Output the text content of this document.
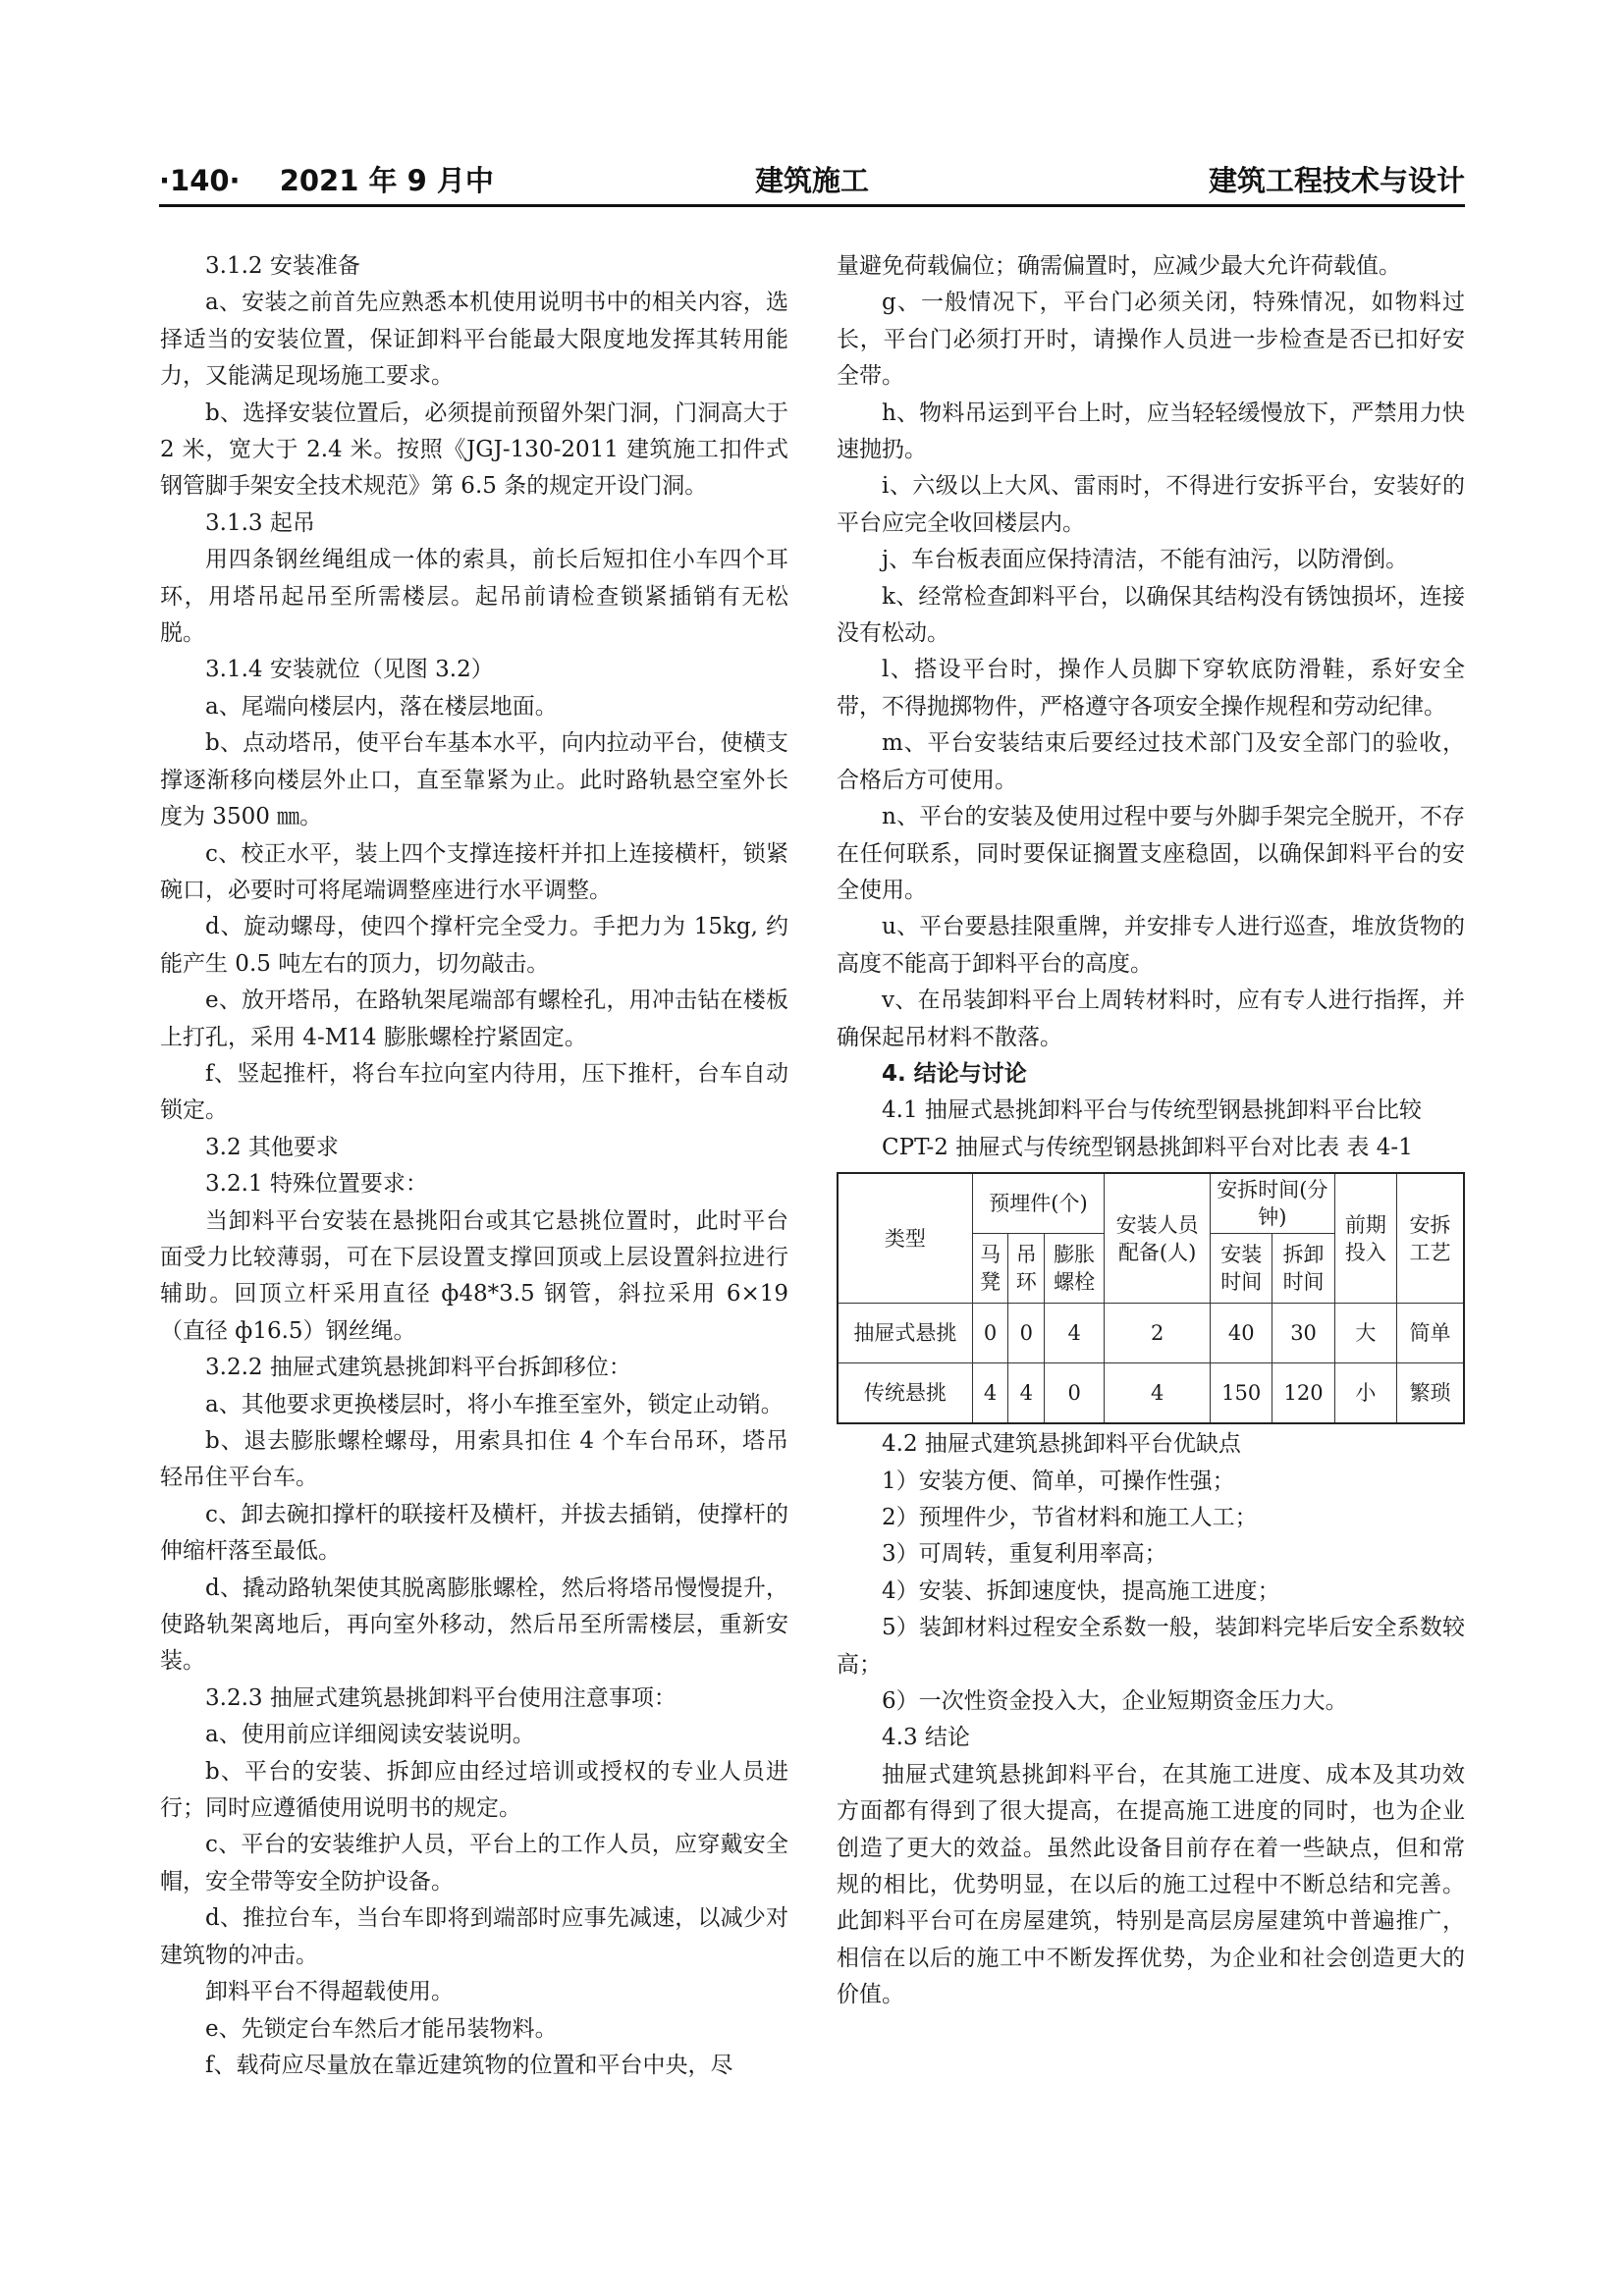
·140· 2021 年 9 月中	建筑施工	建筑工程技术与设计

3.1.2 安装准备

a、安装之前首先应熟悉本机使用说明书中的相关内容，选择适当的安装位置，保证卸料平台能最大限度地发挥其转用能力，又能满足现场施工要求。

b、选择安装位置后，必须提前预留外架门洞，门洞高大于 2 米，宽大于 2.4 米。按照《JGJ-130-2011 建筑施工扣件式钢管脚手架安全技术规范》第 6.5 条的规定开设门洞。

3.1.3 起吊

用四条钢丝绳组成一体的索具，前长后短扣住小车四个耳环，用塔吊起吊至所需楼层。起吊前请检查锁紧插销有无松脱。

3.1.4 安装就位（见图 3.2）

a、尾端向楼层内，落在楼层地面。

b、点动塔吊，使平台车基本水平，向内拉动平台，使横支撑逐渐移向楼层外止口，直至靠紧为止。此时路轨悬空室外长度为 3500 ㎜。

c、校正水平，装上四个支撑连接杆并扣上连接横杆，锁紧碗口，必要时可将尾端调整座进行水平调整。

d、旋动螺母，使四个撑杆完全受力。手把力为 15kg, 约能产生 0.5 吨左右的顶力，切勿敲击。

e、放开塔吊，在路轨架尾端部有螺栓孔，用冲击钻在楼板上打孔，采用 4-M14 膨胀螺栓拧紧固定。

f、竖起推杆，将台车拉向室内待用，压下推杆，台车自动锁定。

3.2 其他要求

3.2.1 特殊位置要求：

当卸料平台安装在悬挑阳台或其它悬挑位置时，此时平台面受力比较薄弱，可在下层设置支撑回顶或上层设置斜拉进行辅助。回顶立杆采用直径 ф48*3.5 钢管，斜拉采用 6×19（直径 ф16.5）钢丝绳。

3.2.2 抽屉式建筑悬挑卸料平台拆卸移位：

a、其他要求更换楼层时，将小车推至室外，锁定止动销。

b、退去膨胀螺栓螺母，用索具扣住 4 个车台吊环，塔吊轻吊住平台车。

c、卸去碗扣撑杆的联接杆及横杆，并拔去插销，使撑杆的伸缩杆落至最低。

d、撬动路轨架使其脱离膨胀螺栓，然后将塔吊慢慢提升，使路轨架离地后，再向室外移动，然后吊至所需楼层，重新安装。

3.2.3 抽屉式建筑悬挑卸料平台使用注意事项：

a、使用前应详细阅读安装说明。

b、平台的安装、拆卸应由经过培训或授权的专业人员进行；同时应遵循使用说明书的规定。

c、平台的安装维护人员，平台上的工作人员，应穿戴安全帽，安全带等安全防护设备。

d、推拉台车，当台车即将到端部时应事先减速，以减少对建筑物的冲击。

卸料平台不得超载使用。

e、先锁定台车然后才能吊装物料。

f、载荷应尽量放在靠近建筑物的位置和平台中央，尽

量避免荷载偏位；确需偏置时，应减少最大允许荷载值。

g、一般情况下，平台门必须关闭，特殊情况，如物料过长，平台门必须打开时，请操作人员进一步检查是否已扣好安全带。

h、物料吊运到平台上时，应当轻轻缓慢放下，严禁用力快速抛扔。

i、六级以上大风、雷雨时，不得进行安拆平台，安装好的平台应完全收回楼层内。

j、车台板表面应保持清洁，不能有油污，以防滑倒。

k、经常检查卸料平台，以确保其结构没有锈蚀损坏，连接没有松动。

l、搭设平台时，操作人员脚下穿软底防滑鞋，系好安全带，不得抛掷物件，严格遵守各项安全操作规程和劳动纪律。

m、平台安装结束后要经过技术部门及安全部门的验收，合格后方可使用。

n、平台的安装及使用过程中要与外脚手架完全脱开，不存在任何联系，同时要保证搁置支座稳固，以确保卸料平台的安全使用。

u、平台要悬挂限重牌，并安排专人进行巡查，堆放货物的高度不能高于卸料平台的高度。

v、在吊装卸料平台上周转材料时，应有专人进行指挥，并确保起吊材料不散落。

4. 结论与讨论

4.1 抽屉式悬挑卸料平台与传统型钢悬挑卸料平台比较

CPT-2 抽屉式与传统型钢悬挑卸料平台对比表 表 4-1

类型	预埋件(个)			安装人员配备(人)	安拆时间(分钟)		前期投入	安拆工艺
	马凳	吊环	膨胀螺栓		安装时间	拆卸时间		
抽屉式悬挑	0	0	4	2	40	30	大	简单
传统悬挑	4	4	0	4	150	120	小	繁琐

4.2 抽屉式建筑悬挑卸料平台优缺点

1）安装方便、简单，可操作性强；

2）预埋件少，节省材料和施工人工；

3）可周转，重复利用率高；

4）安装、拆卸速度快，提高施工进度；

5）装卸材料过程安全系数一般，装卸料完毕后安全系数较高；

6）一次性资金投入大，企业短期资金压力大。

4.3 结论

抽屉式建筑悬挑卸料平台，在其施工进度、成本及其功效方面都有得到了很大提高，在提高施工进度的同时，也为企业创造了更大的效益。虽然此设备目前存在着一些缺点，但和常规的相比，优势明显，在以后的施工过程中不断总结和完善。此卸料平台可在房屋建筑，特别是高层房屋建筑中普遍推广，相信在以后的施工中不断发挥优势，为企业和社会创造更大的价值。
